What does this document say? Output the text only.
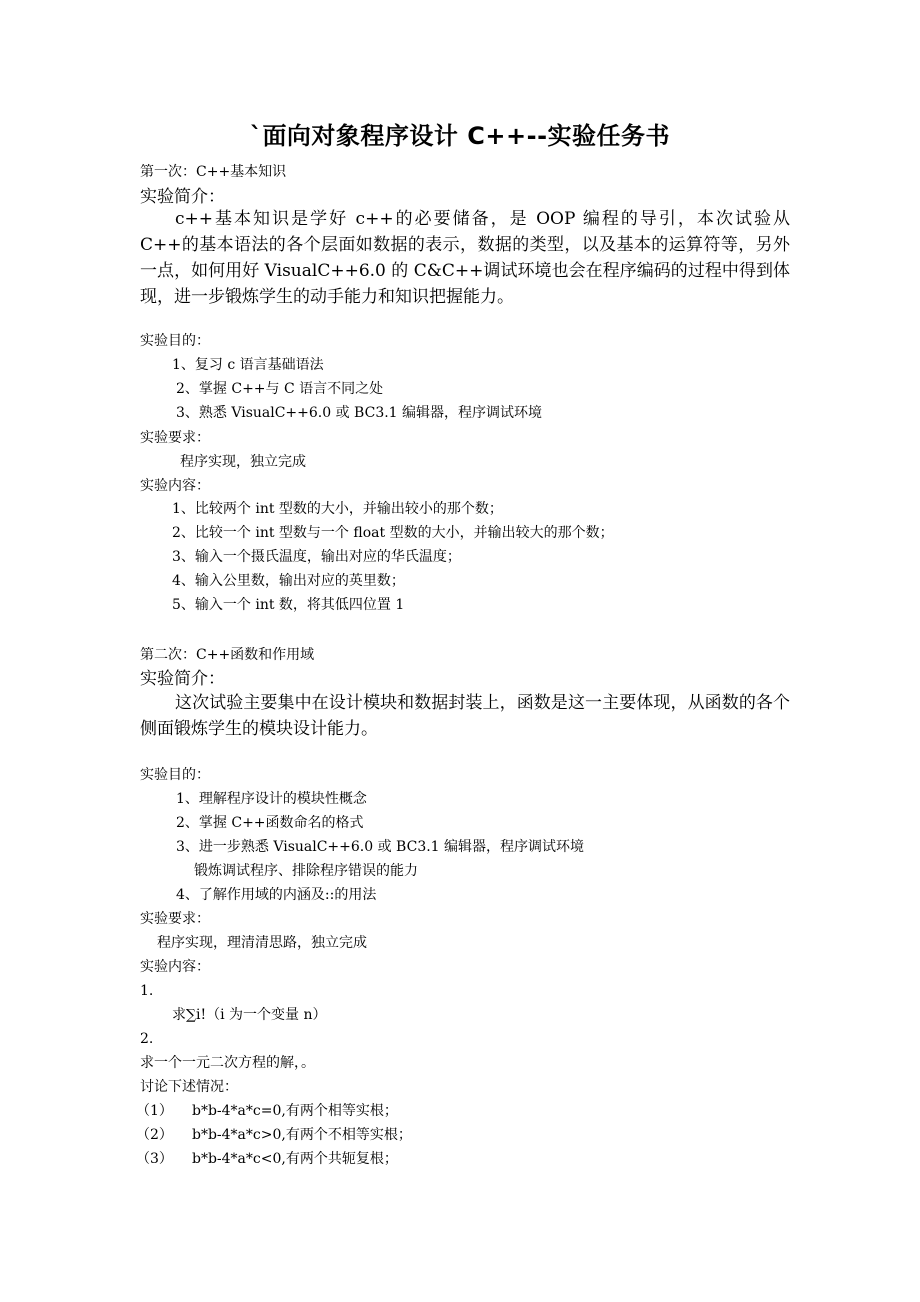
`面向对象程序设计 C++--实验任务书
第一次：C++基本知识
实验简介：
c++基本知识是学好 c++的必要储备，是 OOP 编程的导引，本次试验从 C++的基本语法的各个层面如数据的表示，数据的类型，以及基本的运算符等，另外一点，如何用好 VisualC++6.0 的 C&C++调试环境也会在程序编码的过程中得到体现，进一步锻炼学生的动手能力和知识把握能力。
实验目的：
1、复习 c 语言基础语法
2、掌握 C++与 C 语言不同之处
3、熟悉 VisualC++6.0 或 BC3.1 编辑器，程序调试环境
实验要求：
程序实现，独立完成
实验内容：
1、比较两个 int 型数的大小，并输出较小的那个数；
2、比较一个 int 型数与一个 float 型数的大小，并输出较大的那个数；
3、输入一个摄氏温度，输出对应的华氏温度；
4、输入公里数，输出对应的英里数；
5、输入一个 int 数，将其低四位置 1
第二次：C++函数和作用域
实验简介：
这次试验主要集中在设计模块和数据封装上，函数是这一主要体现，从函数的各个侧面锻炼学生的模块设计能力。
实验目的：
1、理解程序设计的模块性概念
2、掌握 C++函数命名的格式
3、进一步熟悉 VisualC++6.0 或 BC3.1 编辑器，程序调试环境
锻炼调试程序、排除程序错误的能力
4、了解作用域的内涵及::的用法
实验要求：
程序实现，理清清思路，独立完成
实验内容：
1.
求∑i!（i 为一个变量 n）
2.
求一个一元二次方程的解，。
讨论下述情况：
（1） b*b-4*a*c=0,有两个相等实根；
（2） b*b-4*a*c>0,有两个不相等实根；
（3） b*b-4*a*c<0,有两个共轭复根；
